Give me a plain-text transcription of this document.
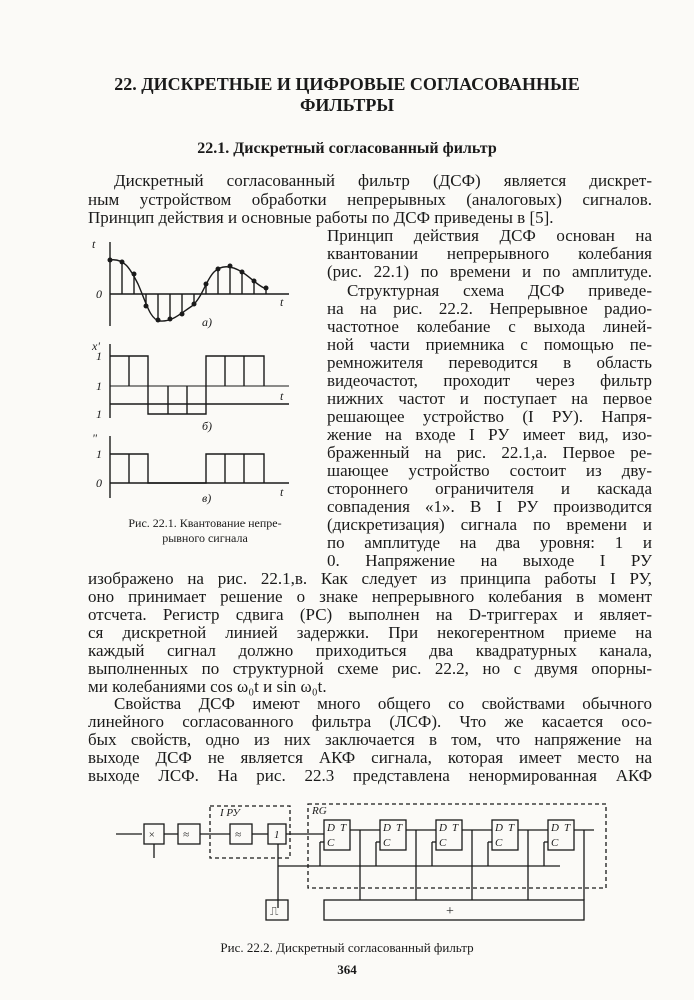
22. ДИСКРЕТНЫЕ И ЦИФРОВЫЕ СОГЛАСОВАННЫЕ
ФИЛЬТРЫ
22.1. Дискретный согласованный фильтр
Дискретный согласованный фильтр (ДСФ) является дискрет-
ным устройством обработки непрерывных (аналоговых) сигналов.
Принцип действия и основные работы по ДСФ приведены в [5].
Принцип действия ДСФ основан на
квантовании непрерывного колебания
(рис. 22.1) по времени и по амплитуде.
Структурная схема ДСФ приведе-
на на рис. 22.2. Непрерывное радио-
частотное колебание с выхода линей-
ной части приемника с помощью пе-
ремножителя переводится в область
видеочастот, проходит через фильтр
нижних частот и поступает на первое
решающее устройство (I РУ). Напря-
жение на входе I РУ имеет вид, изо-
браженный на рис. 22.1,а. Первое ре-
шающее устройство состоит из дву-
стороннего ограничителя и каскада
совпадения «1». В I РУ производится
(дискретизация) сигнала по времени и
по амплитуде на два уровня: 1 и
0. Напряжение на выходе I РУ
изображено на рис. 22.1,в. Как следует из принципа работы I РУ,
оно принимает решение о знаке непрерывного колебания в момент
отсчета. Регистр сдвига (РС) выполнен на D-триггерах и являет-
ся дискретной линией задержки. При некогерентном приеме на
каждый сигнал должно приходиться два квадратурных канала,
выполненных по структурной схеме рис. 22.2, но с двумя опорны-
ми колебаниями cos ω₀t и sin ω₀t.
Свойства ДСФ имеют много общего со свойствами обычного
линейного согласованного фильтра (ЛСФ). Что же касается осо-
бых свойств, одно из них заключается в том, что напряжение на
выходе ДСФ не является АКФ сигнала, которая имеет место на
выходе ЛСФ. На рис. 22.3 представлена ненормированная АКФ
t
0
t
а)
x'
1
1
1
t
б)
"
1
0
t
в)
Рис. 22.1. Квантование непре-
рывного сигнала
×	≈
I РУ
≈	1
RG
D T
C
D T
C
D T
C
D T
C
D T
C
+
⎍
Рис. 22.2. Дискретный согласованный фильтр
364
